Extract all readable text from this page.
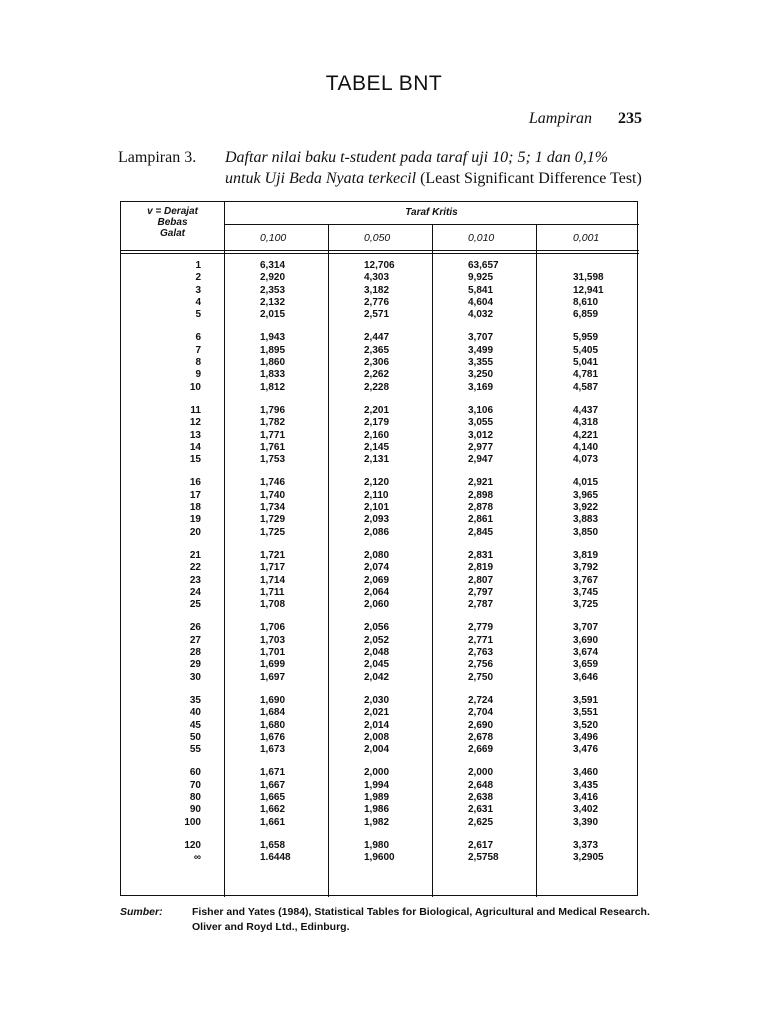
TABEL BNT
Lampiran 235
Lampiran 3. Daftar nilai baku t-student pada taraf uji 10; 5; 1 dan 0,1%
untuk Uji Beda Nyata terkecil (Least Significant Difference Test)
v = Derajat
Bebas
Galat
Taraf Kritis
0,100	0,050	0,010	0,001
1	6,314	12,706	63,657
2	2,920	4,303	9,925	31,598
3	2,353	3,182	5,841	12,941
4	2,132	2,776	4,604	8,610
5	2,015	2,571	4,032	6,859
6	1,943	2,447	3,707	5,959
7	1,895	2,365	3,499	5,405
8	1,860	2,306	3,355	5,041
9	1,833	2,262	3,250	4,781
10	1,812	2,228	3,169	4,587
11	1,796	2,201	3,106	4,437
12	1,782	2,179	3,055	4,318
13	1,771	2,160	3,012	4,221
14	1,761	2,145	2,977	4,140
15	1,753	2,131	2,947	4,073
16	1,746	2,120	2,921	4,015
17	1,740	2,110	2,898	3,965
18	1,734	2,101	2,878	3,922
19	1,729	2,093	2,861	3,883
20	1,725	2,086	2,845	3,850
21	1,721	2,080	2,831	3,819
22	1,717	2,074	2,819	3,792
23	1,714	2,069	2,807	3,767
24	1,711	2,064	2,797	3,745
25	1,708	2,060	2,787	3,725
26	1,706	2,056	2,779	3,707
27	1,703	2,052	2,771	3,690
28	1,701	2,048	2,763	3,674
29	1,699	2,045	2,756	3,659
30	1,697	2,042	2,750	3,646
35	1,690	2,030	2,724	3,591
40	1,684	2,021	2,704	3,551
45	1,680	2,014	2,690	3,520
50	1,676	2,008	2,678	3,496
55	1,673	2,004	2,669	3,476
60	1,671	2,000	2,000	3,460
70	1,667	1,994	2,648	3,435
80	1,665	1,989	2,638	3,416
90	1,662	1,986	2,631	3,402
100	1,661	1,982	2,625	3,390
120	1,658	1,980	2,617	3,373
∞	1.6448	1,9600	2,5758	3,2905
Sumber:	Fisher and Yates (1984), Statistical Tables for Biological, Agricultural and Medical Research.
Oliver and Royd Ltd., Edinburg.
